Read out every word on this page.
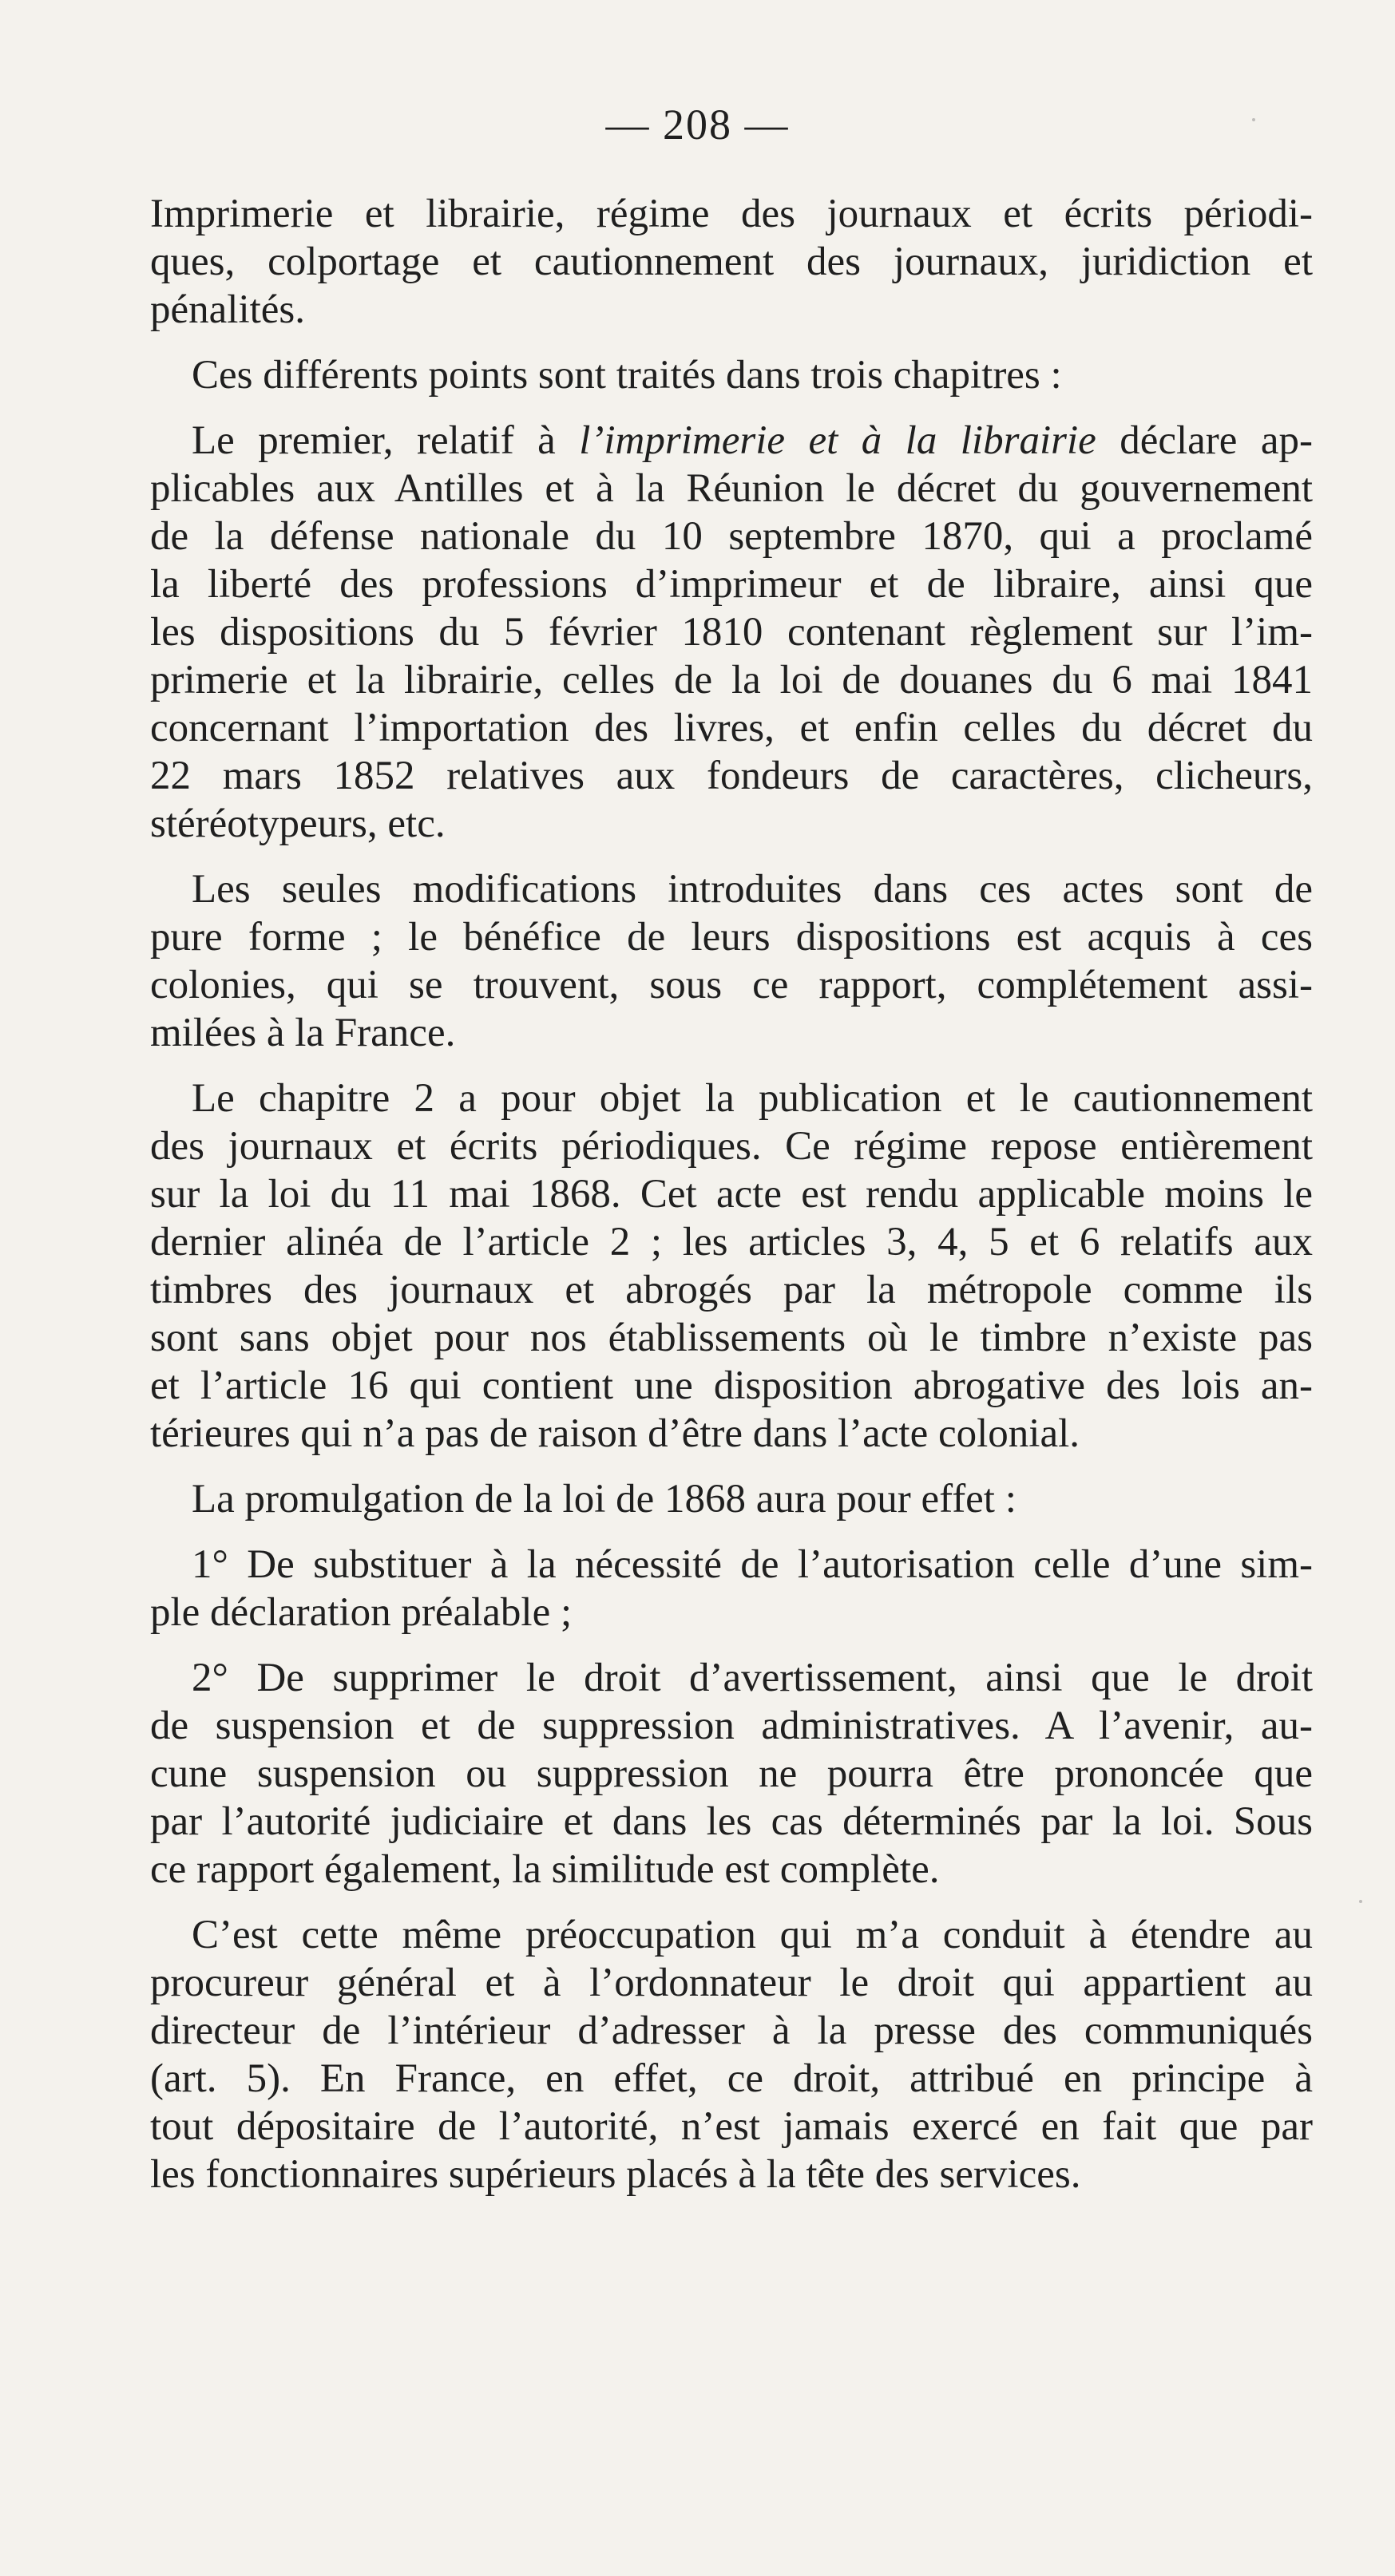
— 208 —
Imprimerie et librairie, régime des journaux et écrits périodi-
ques, colportage et cautionnement des journaux, juridiction et
pénalités.
Ces différents points sont traités dans trois chapitres :
Le premier, relatif à l’imprimerie et à la librairie déclare ap-
plicables aux Antilles et à la Réunion le décret du gouvernement
de la défense nationale du 10 septembre 1870, qui a proclamé
la liberté des professions d’imprimeur et de libraire, ainsi que
les dispositions du 5 février 1810 contenant règlement sur l’im-
primerie et la librairie, celles de la loi de douanes du 6 mai 1841
concernant l’importation des livres, et enfin celles du décret du
22 mars 1852 relatives aux fondeurs de caractères, clicheurs,
stéréotypeurs, etc.
Les seules modifications introduites dans ces actes sont de
pure forme ; le bénéfice de leurs dispositions est acquis à ces
colonies, qui se trouvent, sous ce rapport, complétement assi-
milées à la France.
Le chapitre 2 a pour objet la publication et le cautionnement
des journaux et écrits périodiques. Ce régime repose entièrement
sur la loi du 11 mai 1868. Cet acte est rendu applicable moins le
dernier alinéa de l’article 2 ; les articles 3, 4, 5 et 6 relatifs aux
timbres des journaux et abrogés par la métropole comme ils
sont sans objet pour nos établissements où le timbre n’existe pas
et l’article 16 qui contient une disposition abrogative des lois an-
térieures qui n’a pas de raison d’être dans l’acte colonial.
La promulgation de la loi de 1868 aura pour effet :
1° De substituer à la nécessité de l’autorisation celle d’une sim-
ple déclaration préalable ;
2° De supprimer le droit d’avertissement, ainsi que le droit
de suspension et de suppression administratives. A l’avenir, au-
cune suspension ou suppression ne pourra être prononcée que
par l’autorité judiciaire et dans les cas déterminés par la loi. Sous
ce rapport également, la similitude est complète.
C’est cette même préoccupation qui m’a conduit à étendre au
procureur général et à l’ordonnateur le droit qui appartient au
directeur de l’intérieur d’adresser à la presse des communiqués
(art. 5). En France, en effet, ce droit, attribué en principe à
tout dépositaire de l’autorité, n’est jamais exercé en fait que par
les fonctionnaires supérieurs placés à la tête des services.
